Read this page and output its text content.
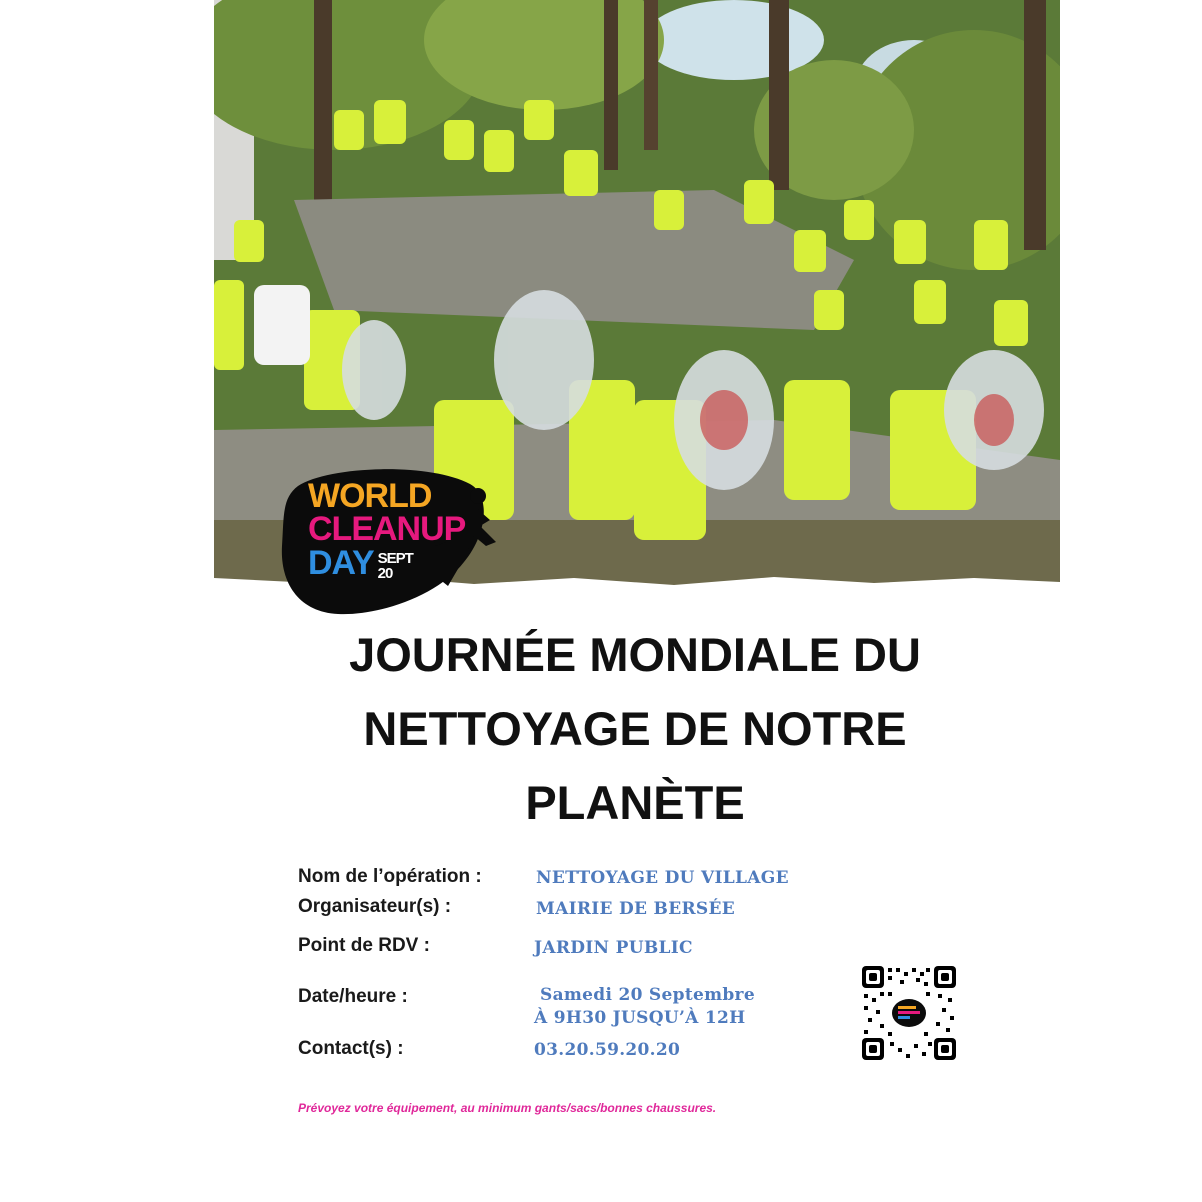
WORLD
CLEANUP
DAY SEPT
20
JOURNÉE MONDIALE DU
NETTOYAGE DE NOTRE
PLANÈTE
Nom de l’opération :	NETTOYAGE DU VILLAGE
Organisateur(s) :	MAIRIE DE BERSÉE
Point de RDV :	JARDIN PUBLIC
Date/heure :	Samedi 20 Septembre
À 9H30 JUSQU’À 12H
Contact(s) :	03.20.59.20.20
Prévoyez votre équipement, au minimum gants/sacs/bonnes chaussures.
